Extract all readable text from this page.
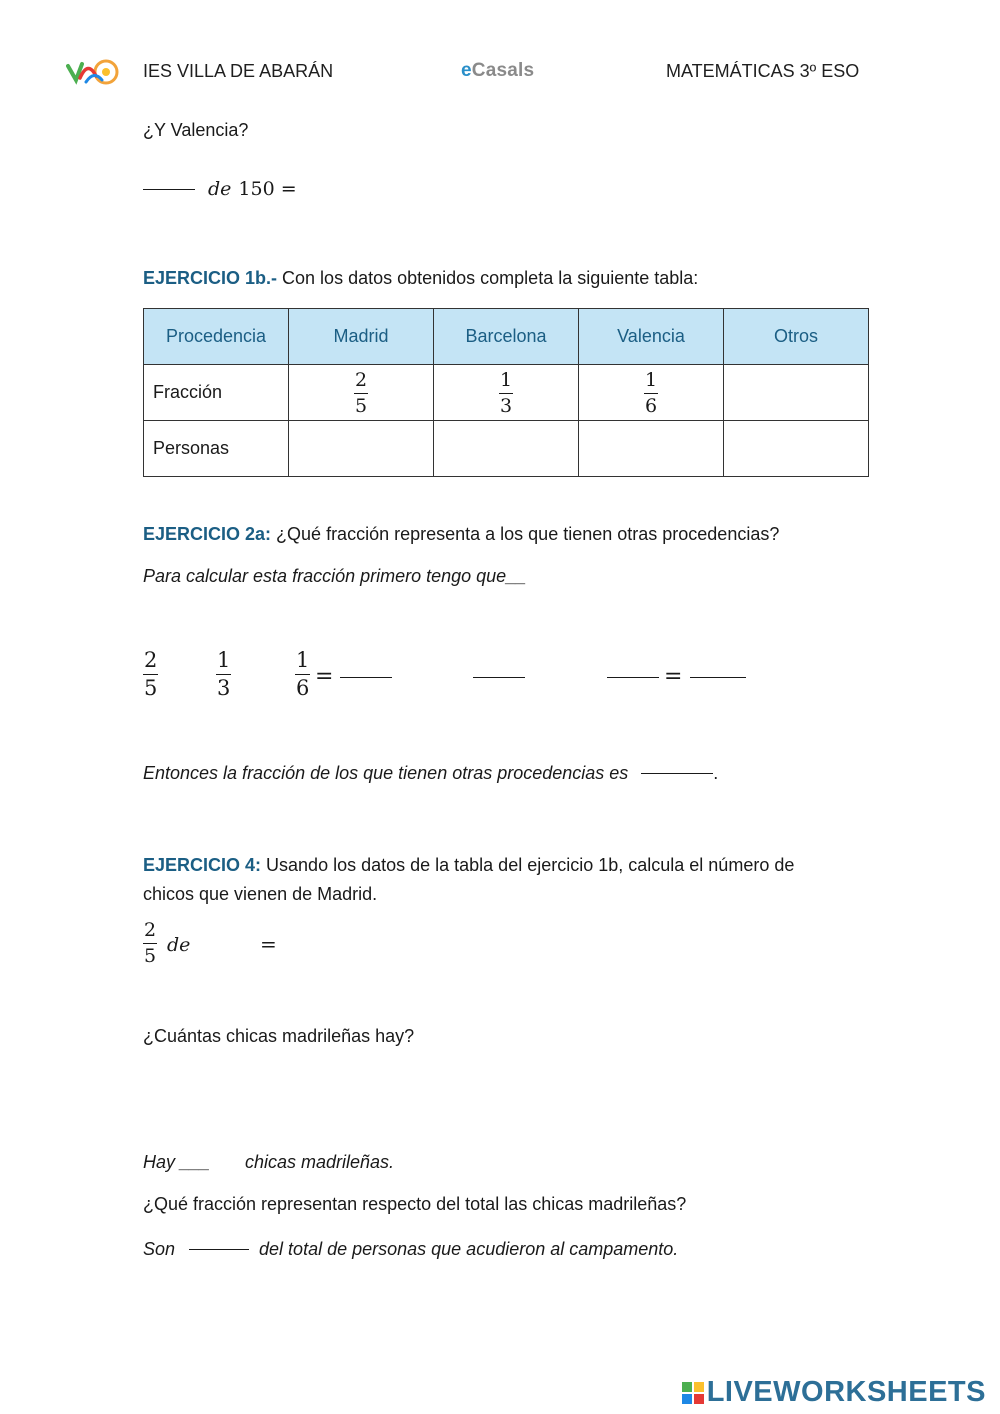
IES VILLA DE ABARÁN	eCasals	MATEMÁTICAS 3º ESO
¿Y Valencia?
de 150 =
EJERCICIO 1b.- Con los datos obtenidos completa la siguiente tabla:
Procedencia	Madrid	Barcelona	Valencia	Otros
Fracción	$\frac{2}{5}$	$\frac{1}{3}$	$\frac{1}{6}$

Personas				
EJERCICIO 2a: ¿Qué fracción representa a los que tienen otras procedencias?
Para calcular esta fracción primero tengo que__
$\frac{2}{5}$	$\frac{1}{3}$	$\frac{1}{6}$ =	=
Entonces la fracción de los que tienen otras procedencias es	.
EJERCICIO 4: Usando los datos de la tabla del ejercicio 1b, calcula el número de
chicos que vienen de Madrid.
$\frac{2}{5}$ de	=
¿Cuántas chicas madrileñas hay?
Hay ___ chicas madrileñas.
¿Qué fracción representan respecto del total las chicas madrileñas?
Son	del total de personas que acudieron al campamento.
LIVEWORKSHEETS
